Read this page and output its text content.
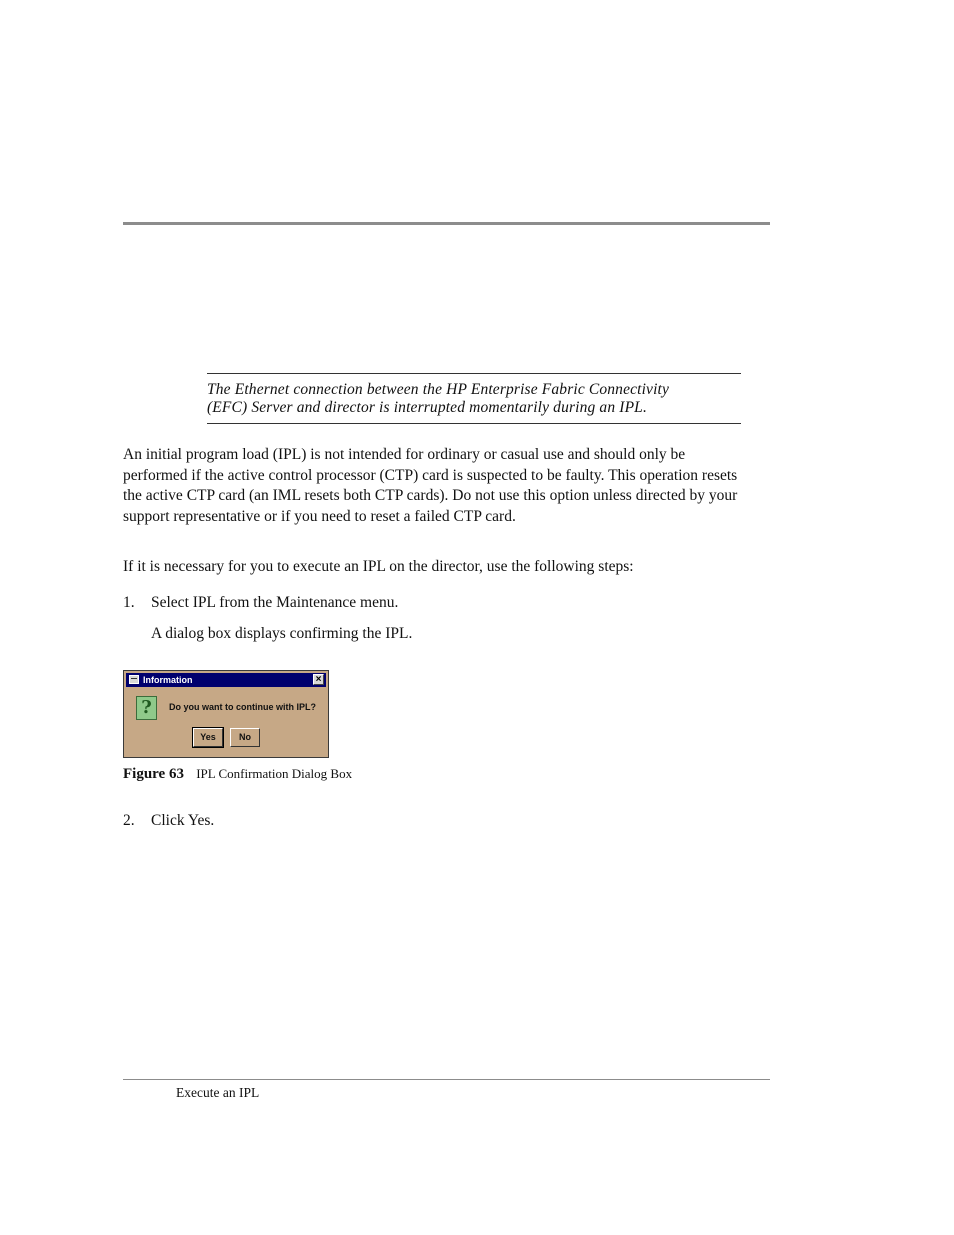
The Ethernet connection between the HP Enterprise Fabric Connectivity

(EFC) Server and director is interrupted momentarily during an IPL.

An initial program load (IPL) is not intended for ordinary or casual use and should only be performed if the active control processor (CTP) card is suspected to be faulty. This operation resets the active CTP card (an IML resets both CTP cards). Do not use this option unless directed by your support representative or if you need to reset a failed CTP card.

If it is necessary for you to execute an IPL on the director, use the following steps:

1.	Select IPL from the Maintenance menu.
A dialog box displays confirming the IPL.
Information	×
?	Do you want to continue with IPL?
Yes	No
Figure 63 IPL Confirmation Dialog Box
2.	Click Yes.
Execute an IPL
